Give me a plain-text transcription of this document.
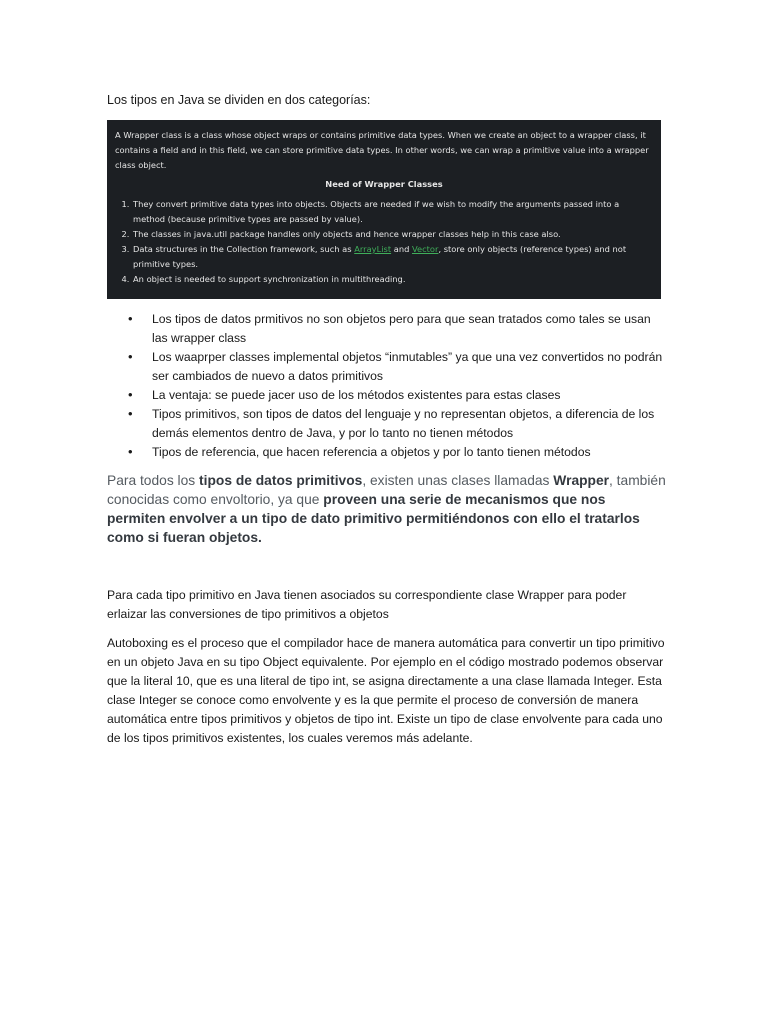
Los tipos en Java se dividen en dos categorías:

A Wrapper class is a class whose object wraps or contains primitive data types. When we create an object to a wrapper class, it contains a field and in this field, we can store primitive data types. In other words, we can wrap a primitive value into a wrapper class object.

Need of Wrapper Classes

1. They convert primitive data types into objects. Objects are needed if we wish to modify the arguments passed into a method (because primitive types are passed by value).
2. The classes in java.util package handles only objects and hence wrapper classes help in this case also.
3. Data structures in the Collection framework, such as ArrayList and Vector, store only objects (reference types) and not primitive types.
4. An object is needed to support synchronization in multithreading.
• Los tipos de datos prmitivos no son objetos pero para que sean tratados como tales se usan las wrapper class
• Los waaprper classes implemental objetos “inmutables” ya que una vez convertidos no podrán ser cambiados de nuevo a datos primitivos
• La ventaja: se puede jacer uso de los métodos existentes para estas clases
• Tipos primitivos, son tipos de datos del lenguaje y no representan objetos, a diferencia de los demás elementos dentro de Java, y por lo tanto no tienen métodos
• Tipos de referencia, que hacen referencia a objetos y por lo tanto tienen métodos

Para todos los tipos de datos primitivos, existen unas clases llamadas Wrapper, también conocidas como envoltorio, ya que proveen una serie de mecanismos que nos permiten envolver a un tipo de dato primitivo permitiéndonos con ello el tratarlos como si fueran objetos.

Para cada tipo primitivo en Java tienen asociados su correspondiente clase Wrapper para poder erlaizar las conversiones de tipo primitivos a objetos

Autoboxing es el proceso que el compilador hace de manera automática para convertir un tipo primitivo en un objeto Java en su tipo Object equivalente. Por ejemplo en el código mostrado podemos observar que la literal 10, que es una literal de tipo int, se asigna directamente a una clase llamada Integer. Esta clase Integer se conoce como envolvente y es la que permite el proceso de conversión de manera automática entre tipos primitivos y objetos de tipo int. Existe un tipo de clase envolvente para cada uno de los tipos primitivos existentes, los cuales veremos más adelante.
